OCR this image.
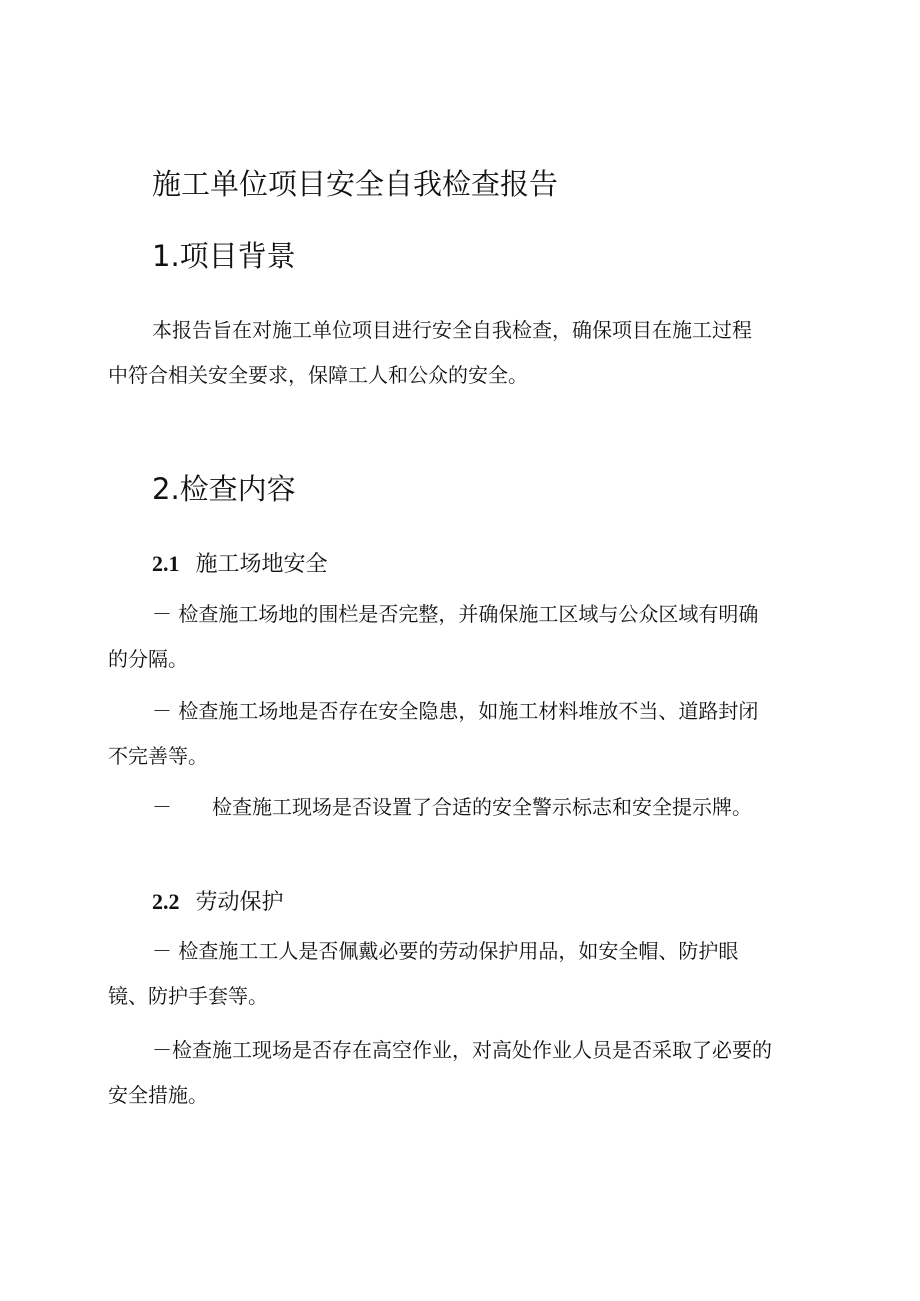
施工单位项目安全自我检查报告
1.项目背景

本报告旨在对施工单位项目进行安全自我检查，确保项目在施工过程
中符合相关安全要求，保障工人和公众的安全。

2.检查内容
2.1 施工场地安全

－ 检查施工场地的围栏是否完整，并确保施工区域与公众区域有明确
的分隔。

－ 检查施工场地是否存在安全隐患，如施工材料堆放不当、道路封闭
不完善等。

－　　检查施工现场是否设置了合适的安全警示标志和安全提示牌。

2.2 劳动保护

－ 检查施工工人是否佩戴必要的劳动保护用品，如安全帽、防护眼
镜、防护手套等。

－检查施工现场是否存在高空作业，对高处作业人员是否采取了必要的
安全措施。
